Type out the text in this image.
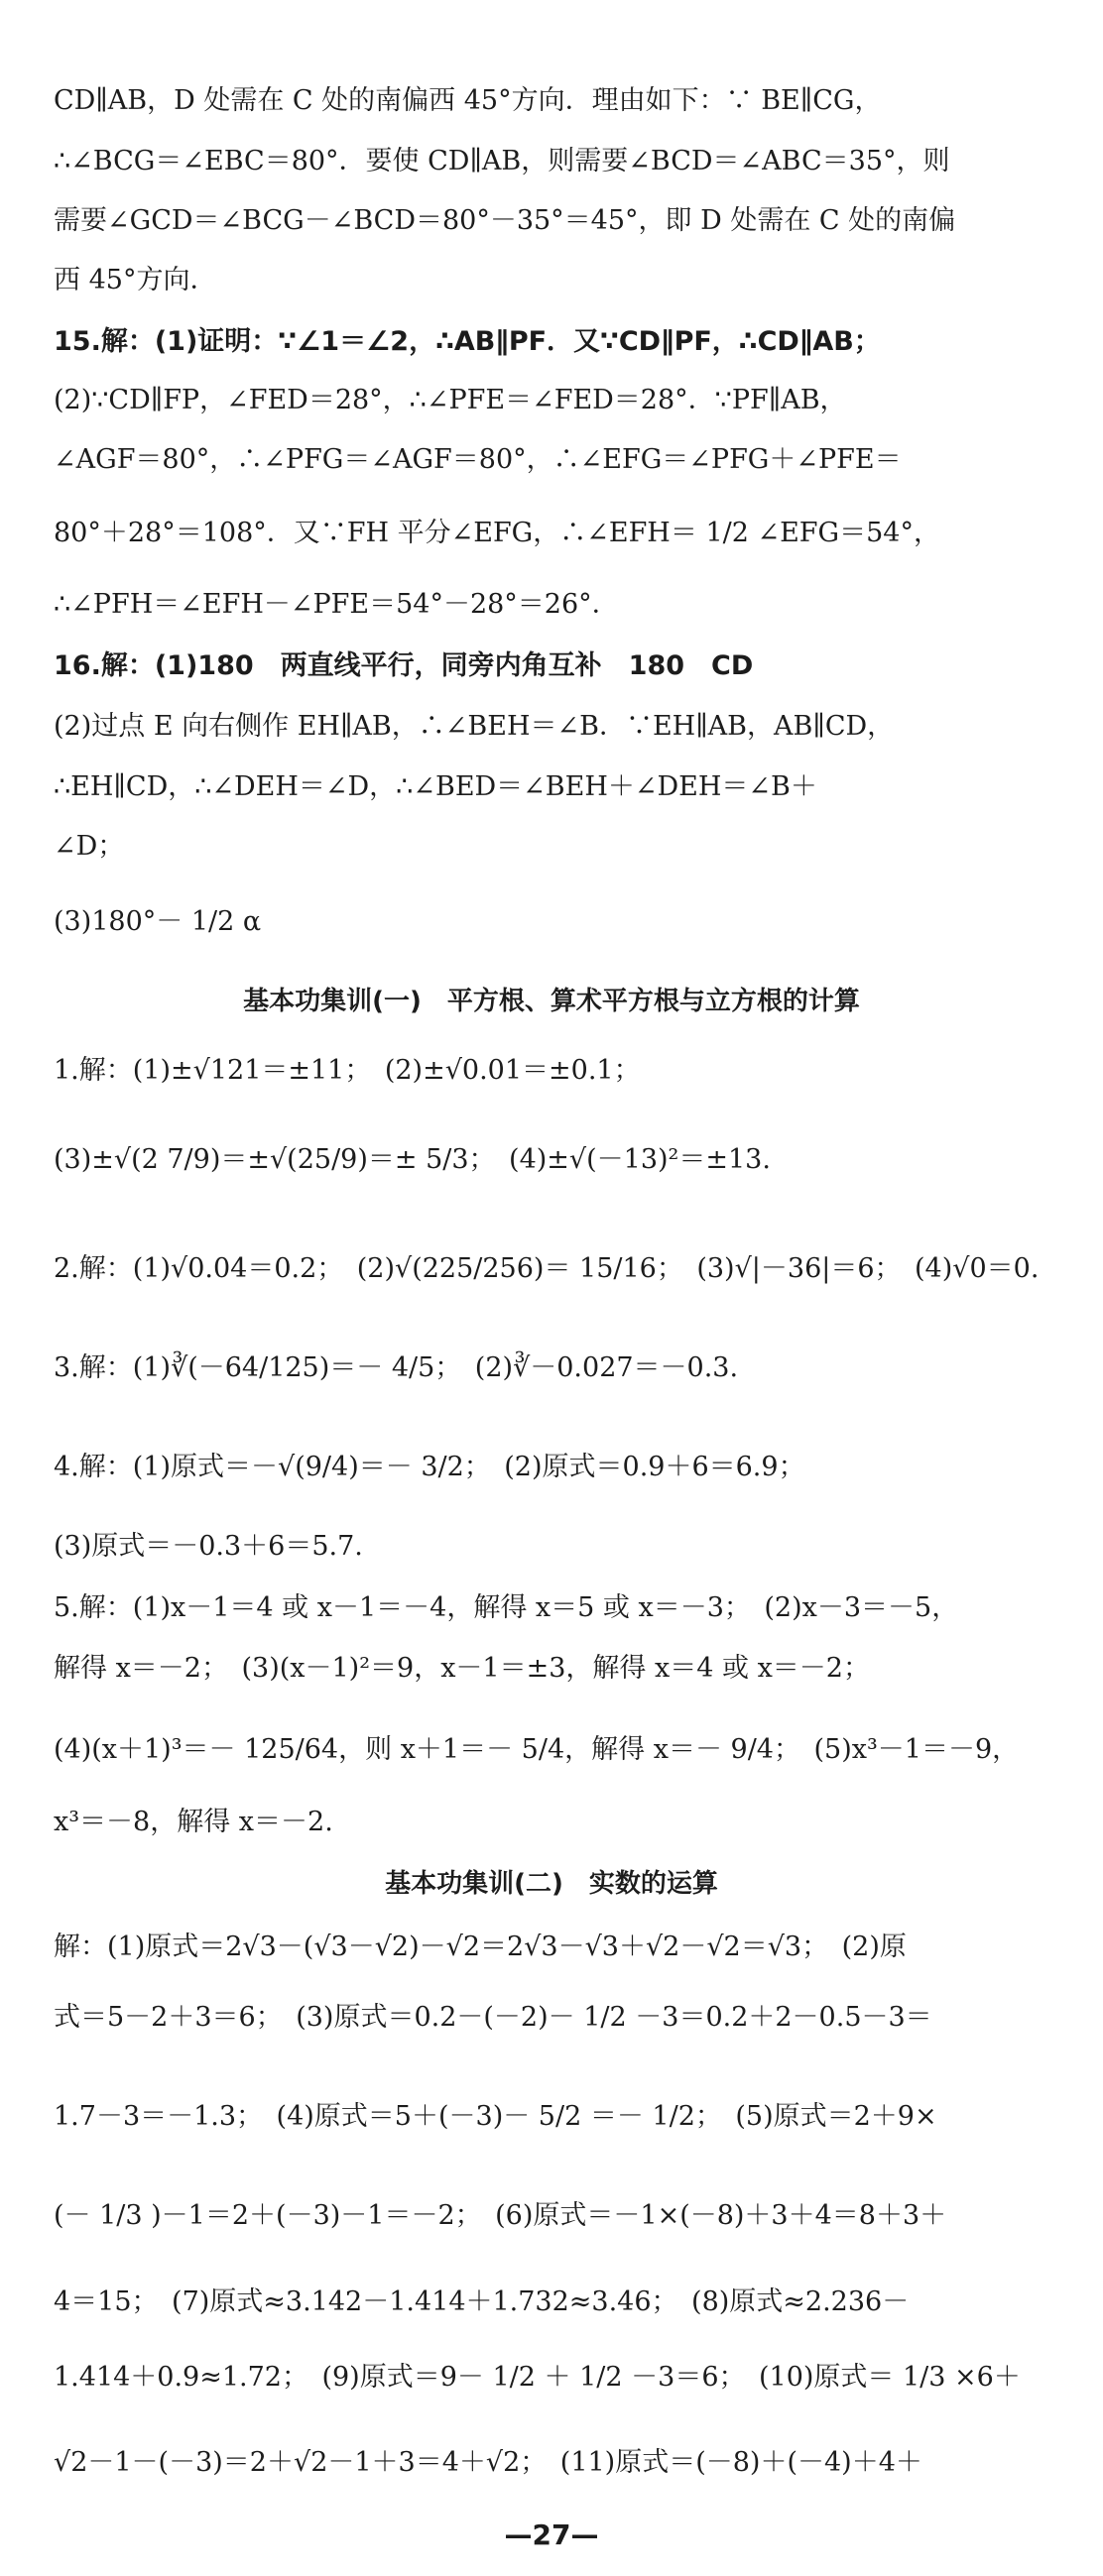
CD∥AB，D 处需在 C 处的南偏西 45°方向．理由如下：∵ BE∥CG，
∴∠BCG＝∠EBC＝80°．要使 CD∥AB，则需要∠BCD＝∠ABC＝35°，则
需要∠GCD＝∠BCG－∠BCD＝80°－35°＝45°，即 D 处需在 C 处的南偏
西 45°方向．
15.解：(1)证明：∵∠1＝∠2，∴AB∥PF．又∵CD∥PF，∴CD∥AB；
(2)∵CD∥FP，∠FED＝28°，∴∠PFE＝∠FED＝28°．∵PF∥AB，
∠AGF＝80°，∴∠PFG＝∠AGF＝80°，∴∠EFG＝∠PFG＋∠PFE＝
80°＋28°＝108°．又∵FH 平分∠EFG，∴∠EFH＝ 1/2 ∠EFG＝54°，
∴∠PFH＝∠EFH－∠PFE＝54°－28°＝26°．
16.解：(1)180　两直线平行，同旁内角互补　180　CD
(2)过点 E 向右侧作 EH∥AB，∴∠BEH＝∠B．∵EH∥AB，AB∥CD，
∴EH∥CD，∴∠DEH＝∠D，∴∠BED＝∠BEH＋∠DEH＝∠B＋
∠D；
(3)180°－ 1/2 α
基本功集训(一)　平方根、算术平方根与立方根的计算
1.解：(1)±√121＝±11；　(2)±√0.01＝±0.1；
(3)±√(2 7/9)＝±√(25/9)＝± 5/3；　(4)±√(－13)²＝±13.
2.解：(1)√0.04＝0.2；　(2)√(225/256)＝ 15/16；　(3)√|－36|＝6；　(4)√0＝0.
3.解：(1)∛(－64/125)＝－ 4/5；　(2)∛－0.027＝－0.3.
4.解：(1)原式＝－√(9/4)＝－ 3/2；　(2)原式＝0.9＋6＝6.9；
(3)原式＝－0.3＋6＝5.7.
5.解：(1)x－1＝4 或 x－1＝－4，解得 x＝5 或 x＝－3；　(2)x－3＝－5，
解得 x＝－2；　(3)(x－1)²＝9，x－1＝±3，解得 x＝4 或 x＝－2；
(4)(x＋1)³＝－ 125/64，则 x＋1＝－ 5/4，解得 x＝－ 9/4；　(5)x³－1＝－9，
x³＝－8，解得 x＝－2.
基本功集训(二)　实数的运算
解：(1)原式＝2√3－(√3－√2)－√2＝2√3－√3＋√2－√2＝√3；　(2)原
式＝5－2＋3＝6；　(3)原式＝0.2－(－2)－ 1/2 －3＝0.2＋2－0.5－3＝
1.7－3＝－1.3；　(4)原式＝5＋(－3)－ 5/2 ＝－ 1/2；　(5)原式＝2＋9×
(－ 1/3 )－1＝2＋(－3)－1＝－2；　(6)原式＝－1×(－8)＋3＋4＝8＋3＋
4＝15；　(7)原式≈3.142－1.414＋1.732≈3.46；　(8)原式≈2.236－
1.414＋0.9≈1.72；　(9)原式＝9－ 1/2 ＋ 1/2 －3＝6；　(10)原式＝ 1/3 ×6＋
√2－1－(－3)＝2＋√2－1＋3＝4＋√2；　(11)原式＝(－8)＋(－4)＋4＋
—27—
